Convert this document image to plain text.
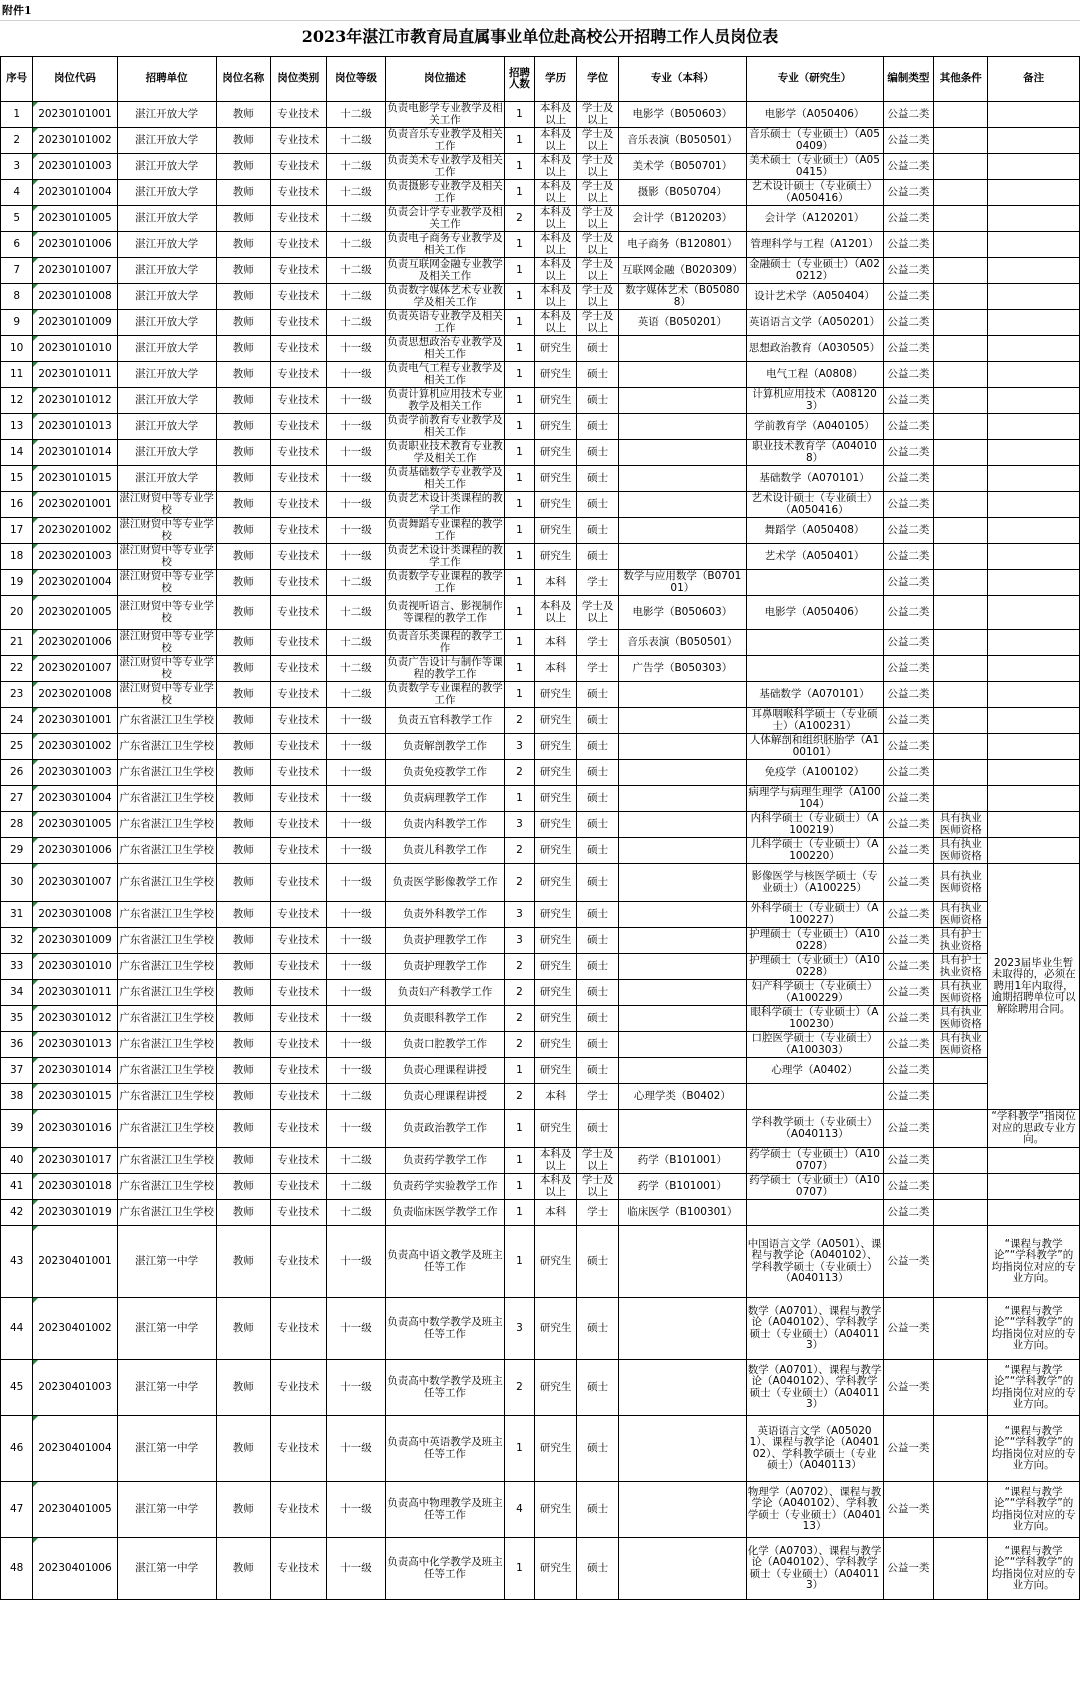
附件1
2023年湛江市教育局直属事业单位赴高校公开招聘工作人员岗位表
序号	岗位代码	招聘单位	岗位名称	岗位类别	岗位等级	岗位描述	招聘人数	学历	学位	专业（本科）	专业（研究生）	编制类型	其他条件	备注
1	20230101001	湛江开放大学	教师	专业技术	十二级	负责电影学专业教学及相关工作	1	本科及以上	学士及以上	电影学（B050603）	电影学（A050406）	公益二类		
2	20230101002	湛江开放大学	教师	专业技术	十二级	负责音乐专业教学及相关工作	1	本科及以上	学士及以上	音乐表演（B050501）	音乐硕士（专业硕士）（A050409）	公益二类		
3	20230101003	湛江开放大学	教师	专业技术	十二级	负责美术专业教学及相关工作	1	本科及以上	学士及以上	美术学（B050701）	美术硕士（专业硕士）（A050415）	公益二类		
4	20230101004	湛江开放大学	教师	专业技术	十二级	负责摄影专业教学及相关工作	1	本科及以上	学士及以上	摄影（B050704）	艺术设计硕士（专业硕士）（A050416）	公益二类		
5	20230101005	湛江开放大学	教师	专业技术	十二级	负责会计学专业教学及相关工作	2	本科及以上	学士及以上	会计学（B120203）	会计学（A120201）	公益二类		
6	20230101006	湛江开放大学	教师	专业技术	十二级	负责电子商务专业教学及相关工作	1	本科及以上	学士及以上	电子商务（B120801）	管理科学与工程（A1201）	公益二类		
7	20230101007	湛江开放大学	教师	专业技术	十二级	负责互联网金融专业教学及相关工作	1	本科及以上	学士及以上	互联网金融（B020309）	金融硕士（专业硕士）（A020212）	公益二类		
8	20230101008	湛江开放大学	教师	专业技术	十二级	负责数字媒体艺术专业教学及相关工作	1	本科及以上	学士及以上	数字媒体艺术（B050808）	设计艺术学（A050404）	公益二类		
9	20230101009	湛江开放大学	教师	专业技术	十二级	负责英语专业教学及相关工作	1	本科及以上	学士及以上	英语（B050201）	英语语言文学（A050201）	公益二类		
10	20230101010	湛江开放大学	教师	专业技术	十一级	负责思想政治专业教学及相关工作	1	研究生	硕士		思想政治教育（A030505）	公益二类		
11	20230101011	湛江开放大学	教师	专业技术	十一级	负责电气工程专业教学及相关工作	1	研究生	硕士		电气工程（A0808）	公益二类		
12	20230101012	湛江开放大学	教师	专业技术	十一级	负责计算机应用技术专业教学及相关工作	1	研究生	硕士		计算机应用技术（A081203）	公益二类		
13	20230101013	湛江开放大学	教师	专业技术	十一级	负责学前教育专业教学及相关工作	1	研究生	硕士		学前教育学（A040105）	公益二类		
14	20230101014	湛江开放大学	教师	专业技术	十一级	负责职业技术教育专业教学及相关工作	1	研究生	硕士		职业技术教育学（A040108）	公益二类		
15	20230101015	湛江开放大学	教师	专业技术	十一级	负责基础数学专业教学及相关工作	1	研究生	硕士		基础数学（A070101）	公益二类		
16	20230201001	湛江财贸中等专业学校	教师	专业技术	十一级	负责艺术设计类课程的教学工作	1	研究生	硕士		艺术设计硕士（专业硕士）（A050416）	公益二类		
17	20230201002	湛江财贸中等专业学校	教师	专业技术	十一级	负责舞蹈专业课程的教学工作	1	研究生	硕士		舞蹈学（A050408）	公益二类		
18	20230201003	湛江财贸中等专业学校	教师	专业技术	十一级	负责艺术设计类课程的教学工作	1	研究生	硕士		艺术学（A050401）	公益二类		
19	20230201004	湛江财贸中等专业学校	教师	专业技术	十二级	负责数学专业课程的教学工作	1	本科	学士	数学与应用数学（B070101）		公益二类		
20	20230201005	湛江财贸中等专业学校	教师	专业技术	十二级	负责视听语言、影视制作等课程的教学工作	1	本科及以上	学士及以上	电影学（B050603）	电影学（A050406）	公益二类		
21	20230201006	湛江财贸中等专业学校	教师	专业技术	十二级	负责音乐类课程的教学工作	1	本科	学士	音乐表演（B050501）		公益二类		
22	20230201007	湛江财贸中等专业学校	教师	专业技术	十二级	负责广告设计与制作等课程的教学工作	1	本科	学士	广告学（B050303）		公益二类		
23	20230201008	湛江财贸中等专业学校	教师	专业技术	十二级	负责数学专业课程的教学工作	1	研究生	硕士		基础数学（A070101）	公益二类		
24	20230301001	广东省湛江卫生学校	教师	专业技术	十一级	负责五官科教学工作	2	研究生	硕士		耳鼻咽喉科学硕士（专业硕士）（A100231）	公益二类		
25	20230301002	广东省湛江卫生学校	教师	专业技术	十一级	负责解剖教学工作	3	研究生	硕士		人体解剖和组织胚胎学（A100101）	公益二类		
26	20230301003	广东省湛江卫生学校	教师	专业技术	十一级	负责免疫教学工作	2	研究生	硕士		免疫学（A100102）	公益二类		
27	20230301004	广东省湛江卫生学校	教师	专业技术	十一级	负责病理教学工作	1	研究生	硕士		病理学与病理生理学（A100104）	公益二类		
28	20230301005	广东省湛江卫生学校	教师	专业技术	十一级	负责内科教学工作	3	研究生	硕士		内科学硕士（专业硕士）（A100219）	公益二类	具有执业医师资格	
29	20230301006	广东省湛江卫生学校	教师	专业技术	十一级	负责儿科教学工作	2	研究生	硕士		儿科学硕士（专业硕士）（A100220）	公益二类	具有执业医师资格	
30	20230301007	广东省湛江卫生学校	教师	专业技术	十一级	负责医学影像教学工作	2	研究生	硕士		影像医学与核医学硕士（专业硕士）（A100225）	公益二类	具有执业医师资格	2023届毕业生暂未取得的，必须在聘用1年内取得，逾期招聘单位可以解除聘用合同。
31	20230301008	广东省湛江卫生学校	教师	专业技术	十一级	负责外科教学工作	3	研究生	硕士		外科学硕士（专业硕士）（A100227）	公益二类	具有执业医师资格	
32	20230301009	广东省湛江卫生学校	教师	专业技术	十一级	负责护理教学工作	3	研究生	硕士		护理硕士（专业硕士）（A100228）	公益二类	具有护士执业资格	
33	20230301010	广东省湛江卫生学校	教师	专业技术	十一级	负责护理教学工作	2	研究生	硕士		护理硕士（专业硕士）（A100228）	公益二类	具有护士执业资格	
34	20230301011	广东省湛江卫生学校	教师	专业技术	十一级	负责妇产科教学工作	2	研究生	硕士		妇产科学硕士（专业硕士）（A100229）	公益二类	具有执业医师资格	
35	20230301012	广东省湛江卫生学校	教师	专业技术	十一级	负责眼科教学工作	2	研究生	硕士		眼科学硕士（专业硕士）（A100230）	公益二类	具有执业医师资格	
36	20230301013	广东省湛江卫生学校	教师	专业技术	十一级	负责口腔教学工作	2	研究生	硕士		口腔医学硕士（专业硕士）（A100303）	公益二类	具有执业医师资格	
37	20230301014	广东省湛江卫生学校	教师	专业技术	十一级	负责心理课程讲授	1	研究生	硕士		心理学（A0402）	公益二类		
38	20230301015	广东省湛江卫生学校	教师	专业技术	十二级	负责心理课程讲授	2	本科	学士	心理学类（B0402）		公益二类		
39	20230301016	广东省湛江卫生学校	教师	专业技术	十一级	负责政治教学工作	1	研究生	硕士		学科教学硕士（专业硕士）（A040113）	公益二类		“学科教学”指岗位对应的思政专业方向。
40	20230301017	广东省湛江卫生学校	教师	专业技术	十二级	负责药学教学工作	1	本科及以上	学士及以上	药学（B101001）	药学硕士（专业硕士）（A100707）	公益二类		
41	20230301018	广东省湛江卫生学校	教师	专业技术	十二级	负责药学实验教学工作	1	本科及以上	学士及以上	药学（B101001）	药学硕士（专业硕士）（A100707）	公益二类		
42	20230301019	广东省湛江卫生学校	教师	专业技术	十二级	负责临床医学教学工作	1	本科	学士	临床医学（B100301）		公益二类		
43	20230401001	湛江第一中学	教师	专业技术	十一级	负责高中语文教学及班主任等工作	1	研究生	硕士		中国语言文学（A0501）、课程与教学论（A040102）、学科教学硕士（专业硕士）（A040113）	公益一类		“课程与教学论”“学科教学”的均指岗位对应的专业方向。
44	20230401002	湛江第一中学	教师	专业技术	十一级	负责高中数学教学及班主任等工作	3	研究生	硕士		数学（A0701）、课程与教学论（A040102）、学科教学硕士（专业硕士）（A040113）	公益一类		“课程与教学论”“学科教学”的均指岗位对应的专业方向。
45	20230401003	湛江第一中学	教师	专业技术	十一级	负责高中数学教学及班主任等工作	2	研究生	硕士		数学（A0701）、课程与教学论（A040102）、学科教学硕士（专业硕士）（A040113）	公益一类		“课程与教学论”“学科教学”的均指岗位对应的专业方向。
46	20230401004	湛江第一中学	教师	专业技术	十一级	负责高中英语教学及班主任等工作	1	研究生	硕士		英语语言文学（A050201）、课程与教学论（A040102）、学科教学硕士（专业硕士）（A040113）	公益一类		“课程与教学论”“学科教学”的均指岗位对应的专业方向。
47	20230401005	湛江第一中学	教师	专业技术	十一级	负责高中物理教学及班主任等工作	4	研究生	硕士		物理学（A0702）、课程与教学论（A040102）、学科教学硕士（专业硕士）（A040113）	公益一类		“课程与教学论”“学科教学”的均指岗位对应的专业方向。
48	20230401006	湛江第一中学	教师	专业技术	十一级	负责高中化学教学及班主任等工作	1	研究生	硕士		化学（A0703）、课程与教学论（A040102）、学科教学硕士（专业硕士）（A040113）	公益一类		“课程与教学论”“学科教学”的均指岗位对应的专业方向。
